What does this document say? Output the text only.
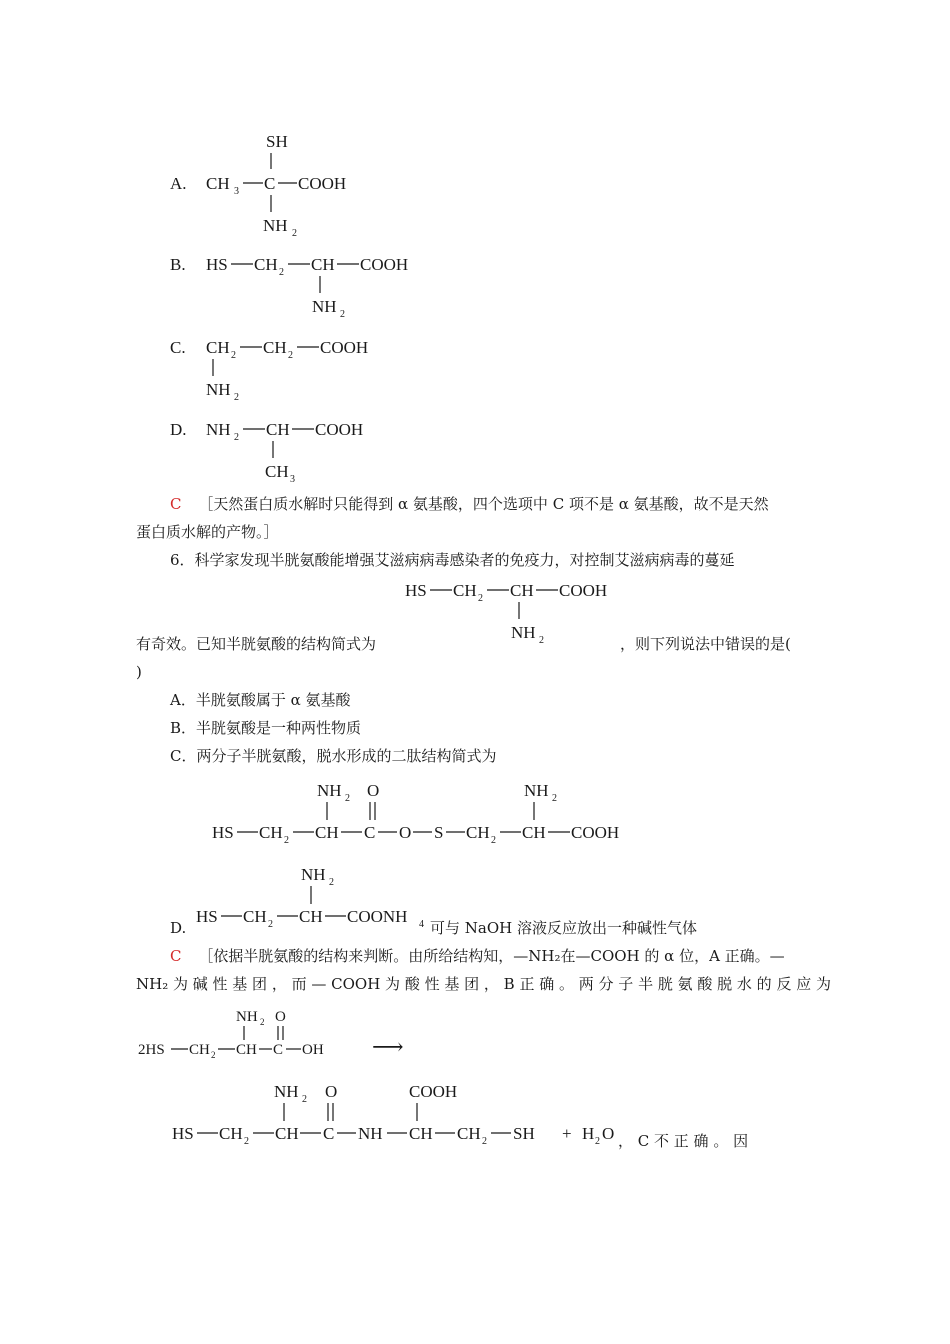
A.
SH
CH 3 C COOH
NH 2
B. HS CH 2 CH COOH
NH 2
C. CH 2 CH 2 COOH
NH 2
D. NH 2 CH COOH
CH 3
C ［天然蛋白质水解时只能得到 α 氨基酸，四个选项中 C 项不是 α 氨基酸，故不是天然
蛋白质水解的产物。］
6．科学家发现半胱氨酸能增强艾滋病病毒感染者的免疫力，对控制艾滋病病毒的蔓延
HS CH 2 CH COOH
NH 2
有奇效。已知半胱氨酸的结构简式为	，则下列说法中错误的是(
)
A．半胱氨酸属于 α 氨基酸
B．半胱氨酸是一种两性物质
C．两分子半胱氨酸，脱水形成的二肽结构简式为
NH 2 O	NH 2
HS CH 2 CH C O S CH 2 CH COOH
D.
NH 2
HS CH 2 CH COONH 4 可与 NaOH 溶液反应放出一种碱性气体
C ［依据半胱氨酸的结构来判断。由所给结构知，—NH₂在—COOH 的 α 位，A 正确。—
NH₂ 为 碱 性 基 团 ， 而 — COOH 为 酸 性 基 团 ， B 正 确 。 两 分 子 半 胱 氨 酸 脱 水 的 反 应 为
NH 2 O
2HS CH 2 CH C OH ⟶
NH 2 O	COOH
HS CH 2 CH C NH CH CH 2 SH + H 2 O ， C 不 正 确 。 因
